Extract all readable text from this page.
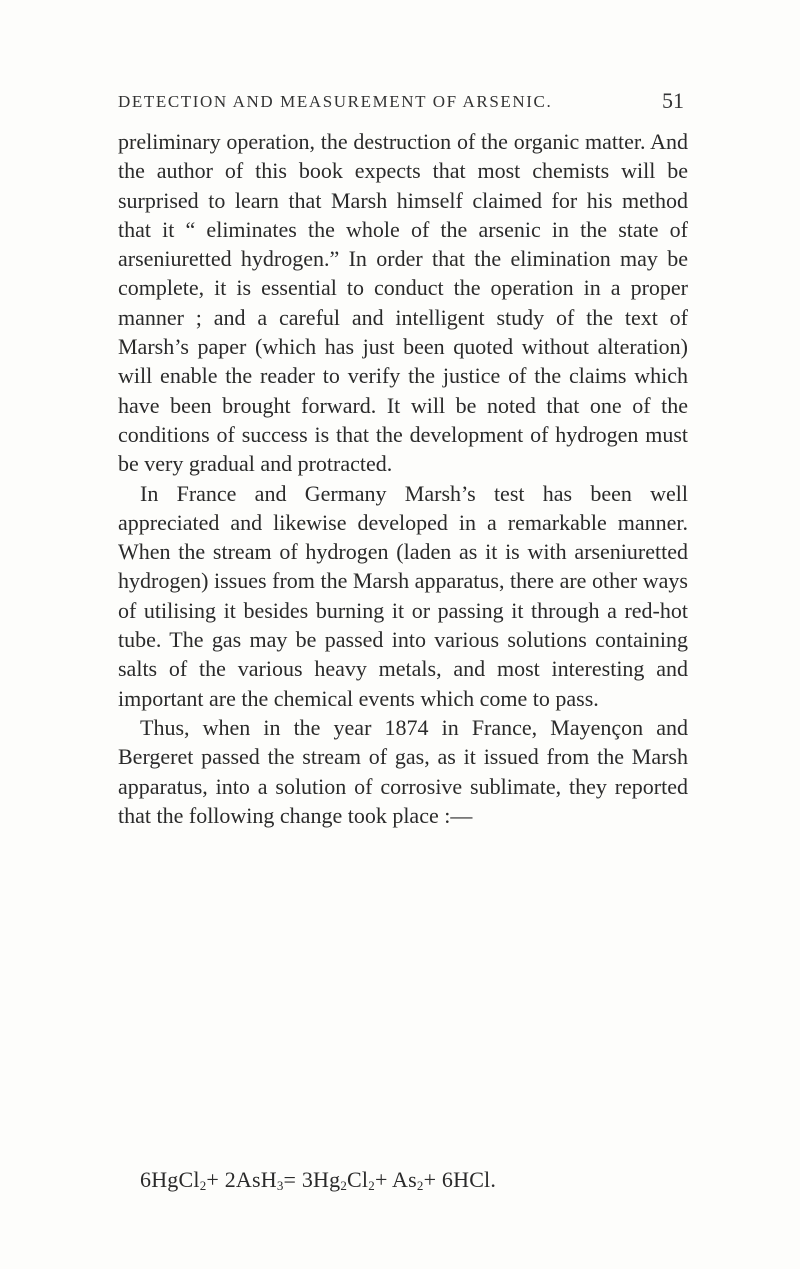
DETECTION AND MEASUREMENT OF ARSENIC.	51

preliminary operation, the destruction of the organic matter. And the author of this book expects that most chemists will be surprised to learn that Marsh himself claimed for his method that it “ eliminates the whole of the arsenic in the state of arseniuretted hydrogen.” In order that the elimination may be complete, it is essential to conduct the operation in a proper manner ; and a careful and intelligent study of the text of Marsh’s paper (which has just been quoted without alteration) will enable the reader to verify the justice of the claims which have been brought forward. It will be noted that one of the conditions of success is that the development of hydrogen must be very gradual and protracted.

In France and Germany Marsh’s test has been well appreciated and likewise developed in a remarkable manner. When the stream of hydrogen (laden as it is with arseniuretted hydrogen) issues from the Marsh apparatus, there are other ways of utilising it besides burning it or passing it through a red-hot tube. The gas may be passed into various solutions containing salts of the various heavy metals, and most interesting and important are the chemical events which come to pass.

Thus, when in the year 1874 in France, Mayençon and Bergeret passed the stream of gas, as it issued from the Marsh apparatus, into a solution of corrosive sublimate, they reported that the following change took place :—

6HgCl$_2$+ $2AsH_3= 3Hg_2Cl_2+ As_2+ 6HCl$.
